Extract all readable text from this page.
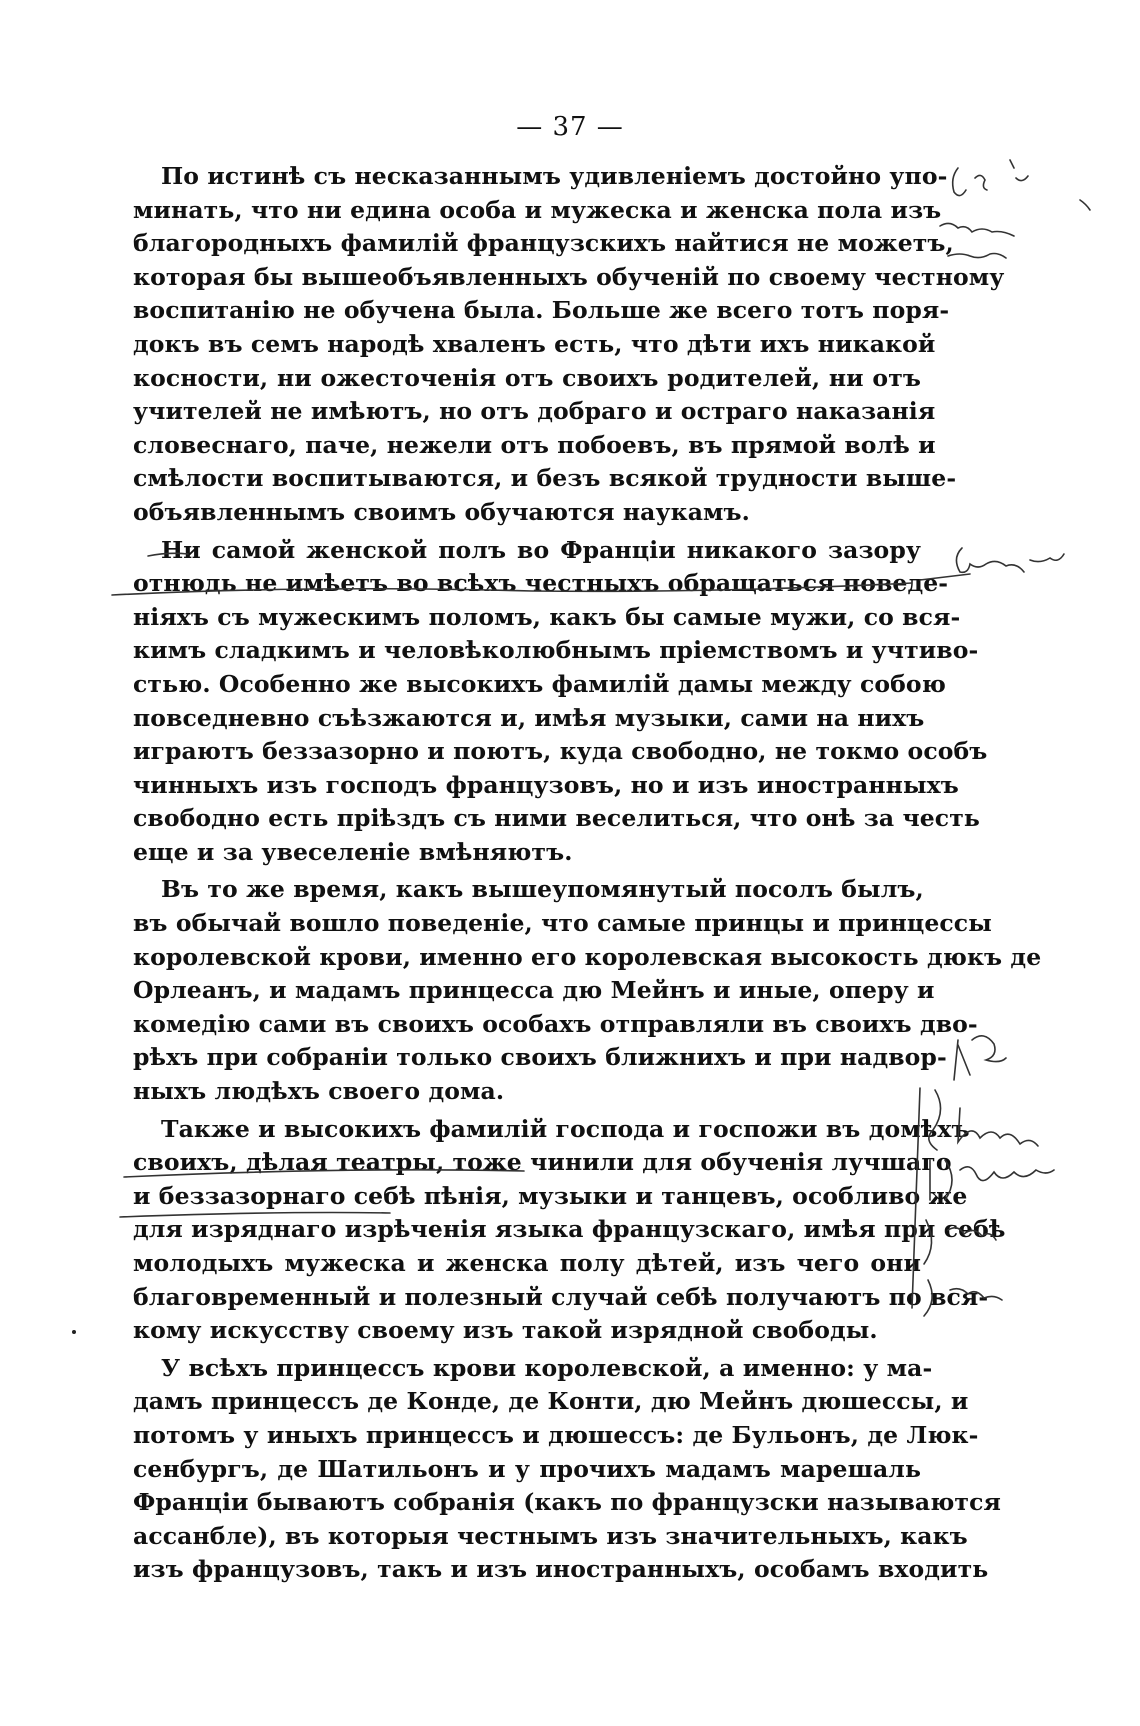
— 37 —
По истинѣ съ несказаннымъ удивленіемъ достойно упо-
минать, что ни едина особа и мужеска и женска пола изъ
благородныхъ фамилій французскихъ найтися не можетъ,
которая бы вышеобъявленныхъ обученій по своему честному
воспитанію не обучена была. Больше же всего тотъ поря-
докъ въ семъ народѣ хваленъ есть, что дѣти ихъ никакой
косности, ни ожесточенія отъ своихъ родителей, ни отъ
учителей не имѣютъ, но отъ добраго и остраго наказанія
словеснаго, паче, нежели отъ побоевъ, въ прямой волѣ и
смѣлости воспитываются, и безъ всякой трудности выше-
объявленнымъ своимъ обучаются наукамъ.
Ни самой женской полъ во Франціи никакого зазору
отнюдь не имѣетъ во всѣхъ честныхъ обращаться поведе-
ніяхъ съ мужескимъ поломъ, какъ бы самые мужи, со вся-
кимъ сладкимъ и человѣколюбнымъ пріемствомъ и учтиво-
стью. Особенно же высокихъ фамилій дамы между собою
повседневно съѣзжаются и, имѣя музыки, сами на нихъ
играютъ беззазорно и поютъ, куда свободно, не токмо особъ
чинныхъ изъ господъ французовъ, но и изъ иностранныхъ
свободно есть пріѣздъ съ ними веселиться, что онѣ за честь
еще и за увеселеніе вмѣняютъ.
Въ то же время, какъ вышеупомянутый посолъ былъ,
въ обычай вошло поведеніе, что самые принцы и принцессы
королевской крови, именно его королевская высокость дюкъ де
Орлеанъ, и мадамъ принцесса дю Мейнъ и иные, оперу и
комедію сами въ своихъ особахъ отправляли въ своихъ дво-
рѣхъ при собраніи только своихъ ближнихъ и при надвор-
ныхъ людѣхъ своего дома.
Также и высокихъ фамилій господа и госпожи въ домѣхъ
своихъ, дѣлая театры, тоже чинили для обученія лучшаго
и беззазорнаго себѣ пѣнія, музыки и танцевъ, особливо же
для изряднаго изрѣченія языка французскаго, имѣя при себѣ
молодыхъ мужеска и женска полу дѣтей, изъ чего они
благовременный и полезный случай себѣ получаютъ по вся-
кому искусству своему изъ такой изрядной свободы.
У всѣхъ принцессъ крови королевской, а именно: у ма-
дамъ принцессъ де Конде, де Конти, дю Мейнъ дюшессы, и
потомъ у иныхъ принцессъ и дюшессъ: де Бульонъ, де Люк-
сенбургъ, де Шатильонъ и у прочихъ мадамъ марешаль
Франціи бываютъ собранія (какъ по французски называются
ассанбле), въ которыя честнымъ изъ значительныхъ, какъ
изъ французовъ, такъ и изъ иностранныхъ, особамъ входить
